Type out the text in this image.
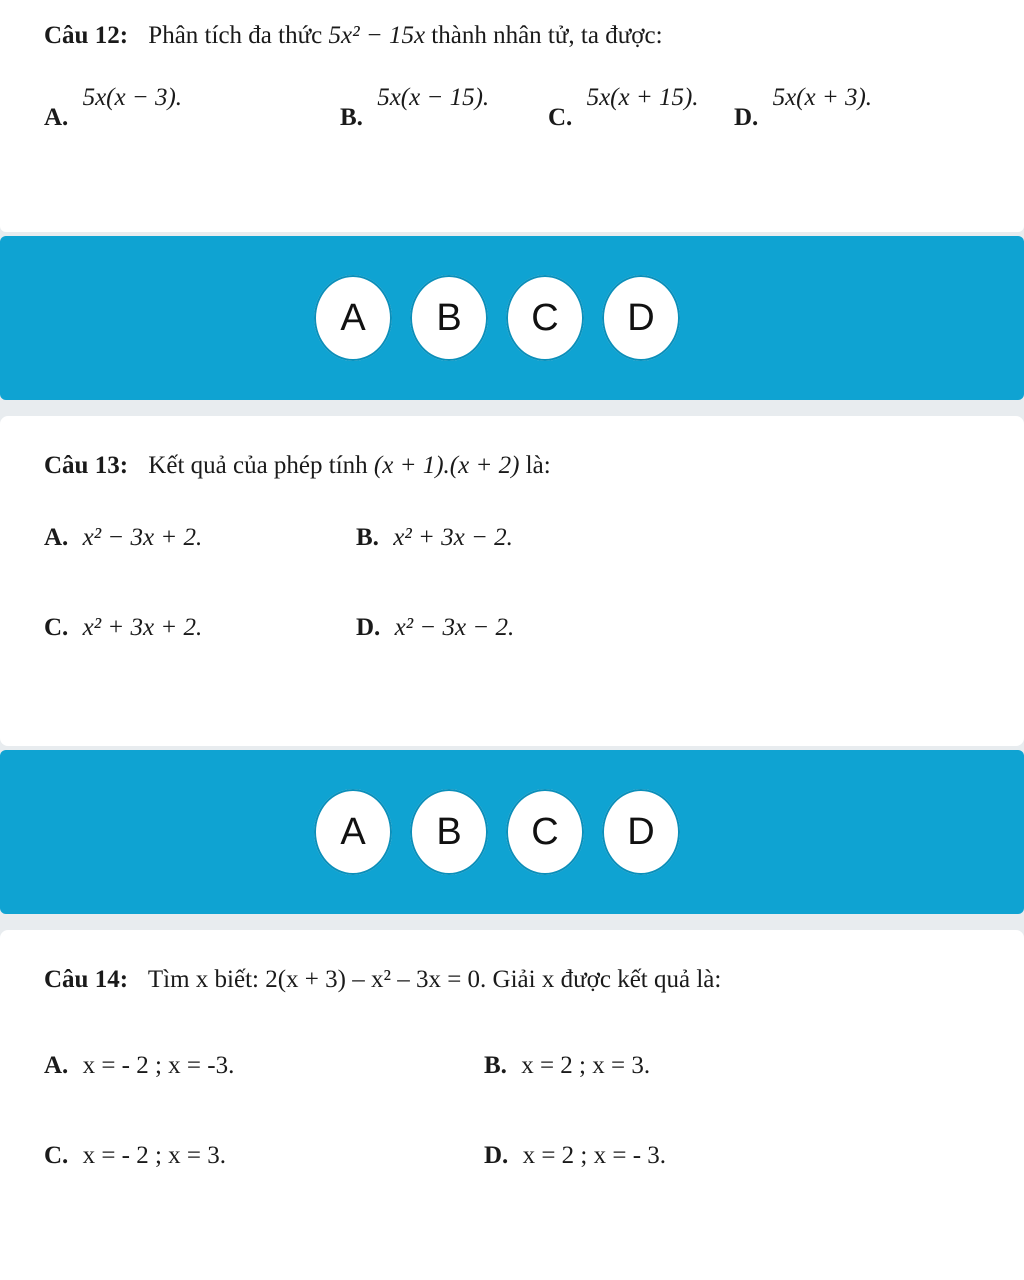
Câu 12: Phân tích đa thức 5x² − 15x thành nhân tử, ta được:
A. 5x(x − 3).
B. 5x(x − 15).
C. 5x(x + 15).
D. 5x(x + 3).
A	B	C	D
Câu 13: Kết quả của phép tính (x + 1).(x + 2) là:
A. x² − 3x + 2.	B. x² + 3x − 2.
C. x² + 3x + 2.	D. x² − 3x − 2.
A	B	C	D
Câu 14: Tìm x biết: 2(x + 3) – x² – 3x = 0. Giải x được kết quả là:
A. x = - 2 ; x = -3.	B. x = 2 ; x = 3.
C. x = - 2 ; x = 3.	D. x = 2 ; x = - 3.
